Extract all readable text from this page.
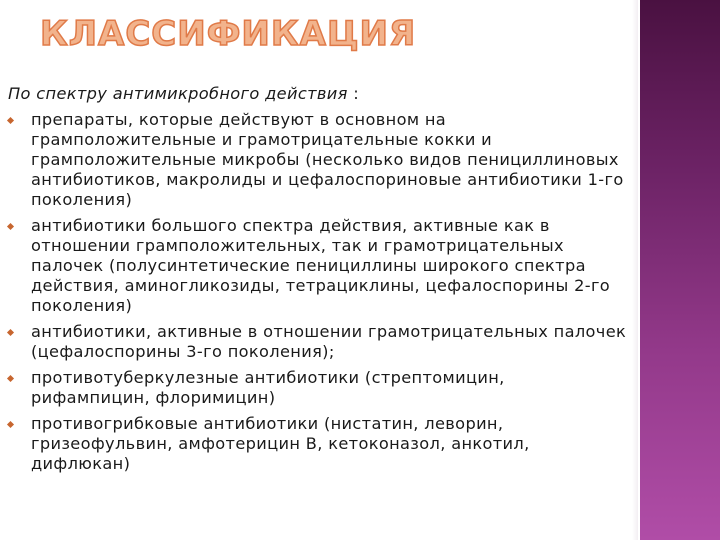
КЛАССИФИКАЦИЯ

По спектру антимикробного действия :

препараты, которые действуют в основном на грамположительные и грамотрицательные кокки и грамположительные микробы (несколько видов пенициллиновых антибиотиков, макролиды и цефалоспориновые антибиотики 1-го поколения)
антибиотики большого спектра действия, активные как в отношении грамположительных, так и грамотрицательных палочек (полусинтетические пенициллины широкого спектра действия, аминогликозиды, тетрациклины, цефалоспорины 2-го поколения)
антибиотики, активные в отношении грамотрицательных палочек (цефалоспорины 3-го поколения);
противотуберкулезные антибиотики (стрептомицин, рифампицин, флоримицин)
противогрибковые антибиотики (нистатин, леворин, гризеофульвин, амфотерицин В, кетоконазол, анкотил, дифлюкан)
